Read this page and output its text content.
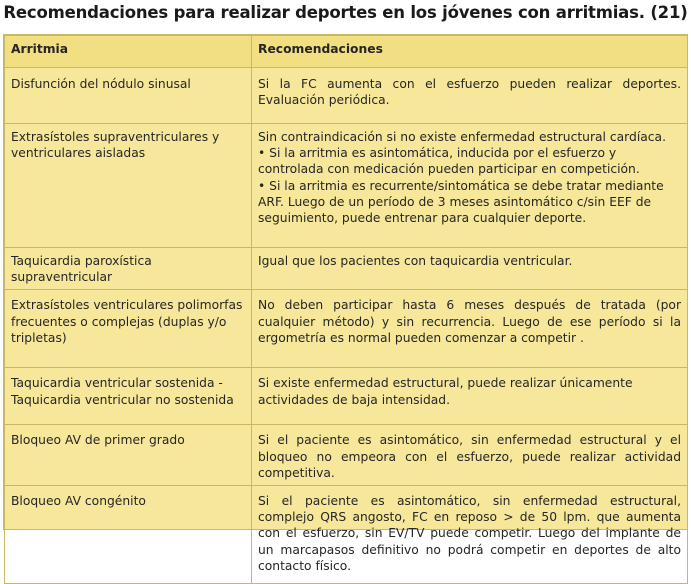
Recomendaciones para realizar deportes en los jóvenes con arritmias. (21)
Arritmia	Recomendaciones

Disfunción del nódulo sinusal	Si la FC aumenta con el esfuerzo pueden realizar deportes. Evaluación periódica.

Extrasístoles supraventriculares y ventriculares aisladas	Sin contraindicación si no existe enfermedad estructural cardíaca.
• Si la arritmia es asintomática, inducida por el esfuerzo y controlada con medicación pueden participar en competición.
• Si la arritmia es recurrente/sintomática se debe tratar mediante ARF. Luego de un período de 3 meses asintomático c/sin EEF de seguimiento, puede entrenar para cualquier deporte.

Taquicardia paroxística supraventricular	Igual que los pacientes con taquicardia ventricular.

Extrasístoles ventriculares polimorfas frecuentes o complejas (duplas y/o tripletas)	No deben participar hasta 6 meses después de tratada (por cualquier método) y sin recurrencia. Luego de ese período si la ergometría es normal pueden comenzar a competir .

Taquicardia ventricular sostenida -
Taquicardia ventricular no sostenida	Si existe enfermedad estructural, puede realizar únicamente actividades de baja intensidad.

Bloqueo AV de primer grado	Si el paciente es asintomático, sin enfermedad estructural y el bloqueo no empeora con el esfuerzo, puede realizar actividad competitiva.

Bloqueo AV congénito	Si el paciente es asintomático, sin enfermedad estructural, complejo QRS angosto, FC en reposo > de 50 lpm. que aumenta con el esfuerzo, sin EV/TV puede competir. Luego del implante de un marcapasos definitivo no podrá competir en deportes de alto contacto físico.
